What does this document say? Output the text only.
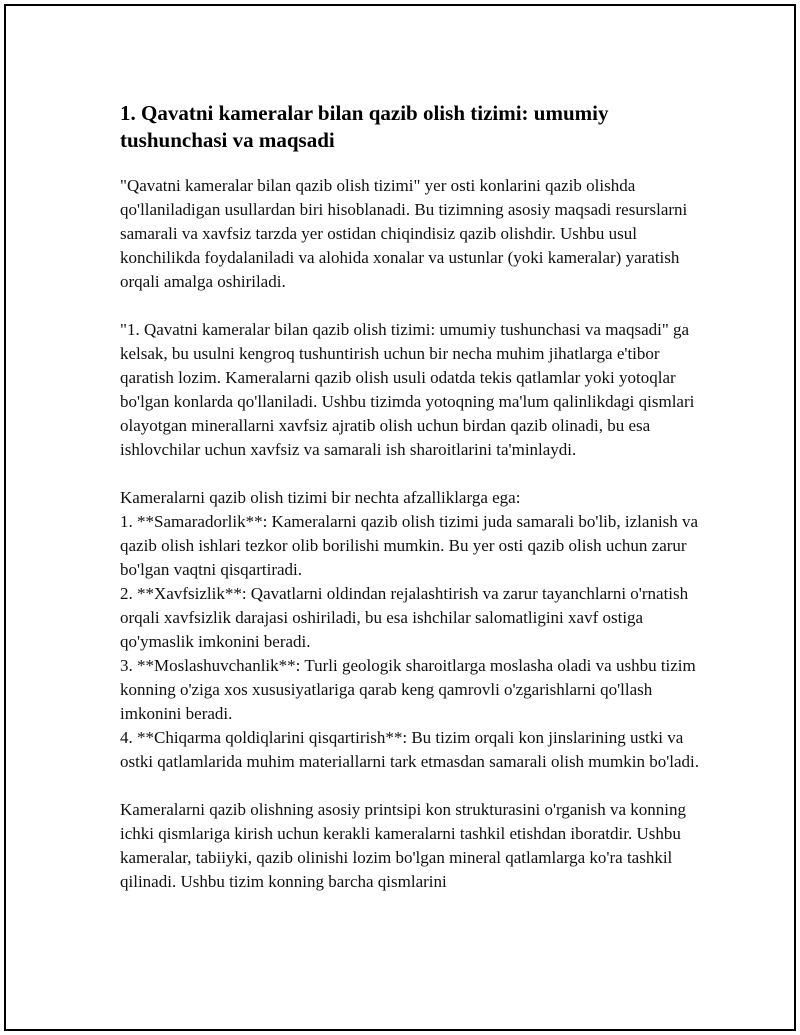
1. Qavatni kameralar bilan qazib olish tizimi: umumiy tushunchasi va maqsadi

"Qavatni kameralar bilan qazib olish tizimi" yer osti konlarini qazib olishda qo'llaniladigan usullardan biri hisoblanadi. Bu tizimning asosiy maqsadi resurslarni samarali va xavfsiz tarzda yer ostidan chiqindisiz qazib olishdir. Ushbu usul konchilikda foydalaniladi va alohida xonalar va ustunlar (yoki kameralar) yaratish orqali amalga oshiriladi.

"1. Qavatni kameralar bilan qazib olish tizimi: umumiy tushunchasi va maqsadi" ga kelsak, bu usulni kengroq tushuntirish uchun bir necha muhim jihatlarga e'tibor qaratish lozim. Kameralarni qazib olish usuli odatda tekis qatlamlar yoki yotoqlar bo'lgan konlarda qo'llaniladi. Ushbu tizimda yotoqning ma'lum qalinlikdagi qismlari olayotgan minerallarni xavfsiz ajratib olish uchun birdan qazib olinadi, bu esa ishlovchilar uchun xavfsiz va samarali ish sharoitlarini ta'minlaydi.

Kameralarni qazib olish tizimi bir nechta afzalliklarga ega:
1. **Samaradorlik**: Kameralarni qazib olish tizimi juda samarali bo'lib, izlanish va qazib olish ishlari tezkor olib borilishi mumkin. Bu yer osti qazib olish uchun zarur bo'lgan vaqtni qisqartiradi.
2. **Xavfsizlik**: Qavatlarni oldindan rejalashtirish va zarur tayanchlarni o'rnatish orqali xavfsizlik darajasi oshiriladi, bu esa ishchilar salomatligini xavf ostiga qo'ymaslik imkonini beradi.
3. **Moslashuvchanlik**: Turli geologik sharoitlarga moslasha oladi va ushbu tizim konning o'ziga xos xususiyatlariga qarab keng qamrovli o'zgarishlarni qo'llash imkonini beradi.
4. **Chiqarma qoldiqlarini qisqartirish**: Bu tizim orqali kon jinslarining ustki va ostki qatlamlarida muhim materiallarni tark etmasdan samarali olish mumkin bo'ladi.

Kameralarni qazib olishning asosiy printsipi kon strukturasini o'rganish va konning ichki qismlariga kirish uchun kerakli kameralarni tashkil etishdan iboratdir. Ushbu kameralar, tabiiyki, qazib olinishi lozim bo'lgan mineral qatlamlarga ko'ra tashkil qilinadi. Ushbu tizim konning barcha qismlarini
